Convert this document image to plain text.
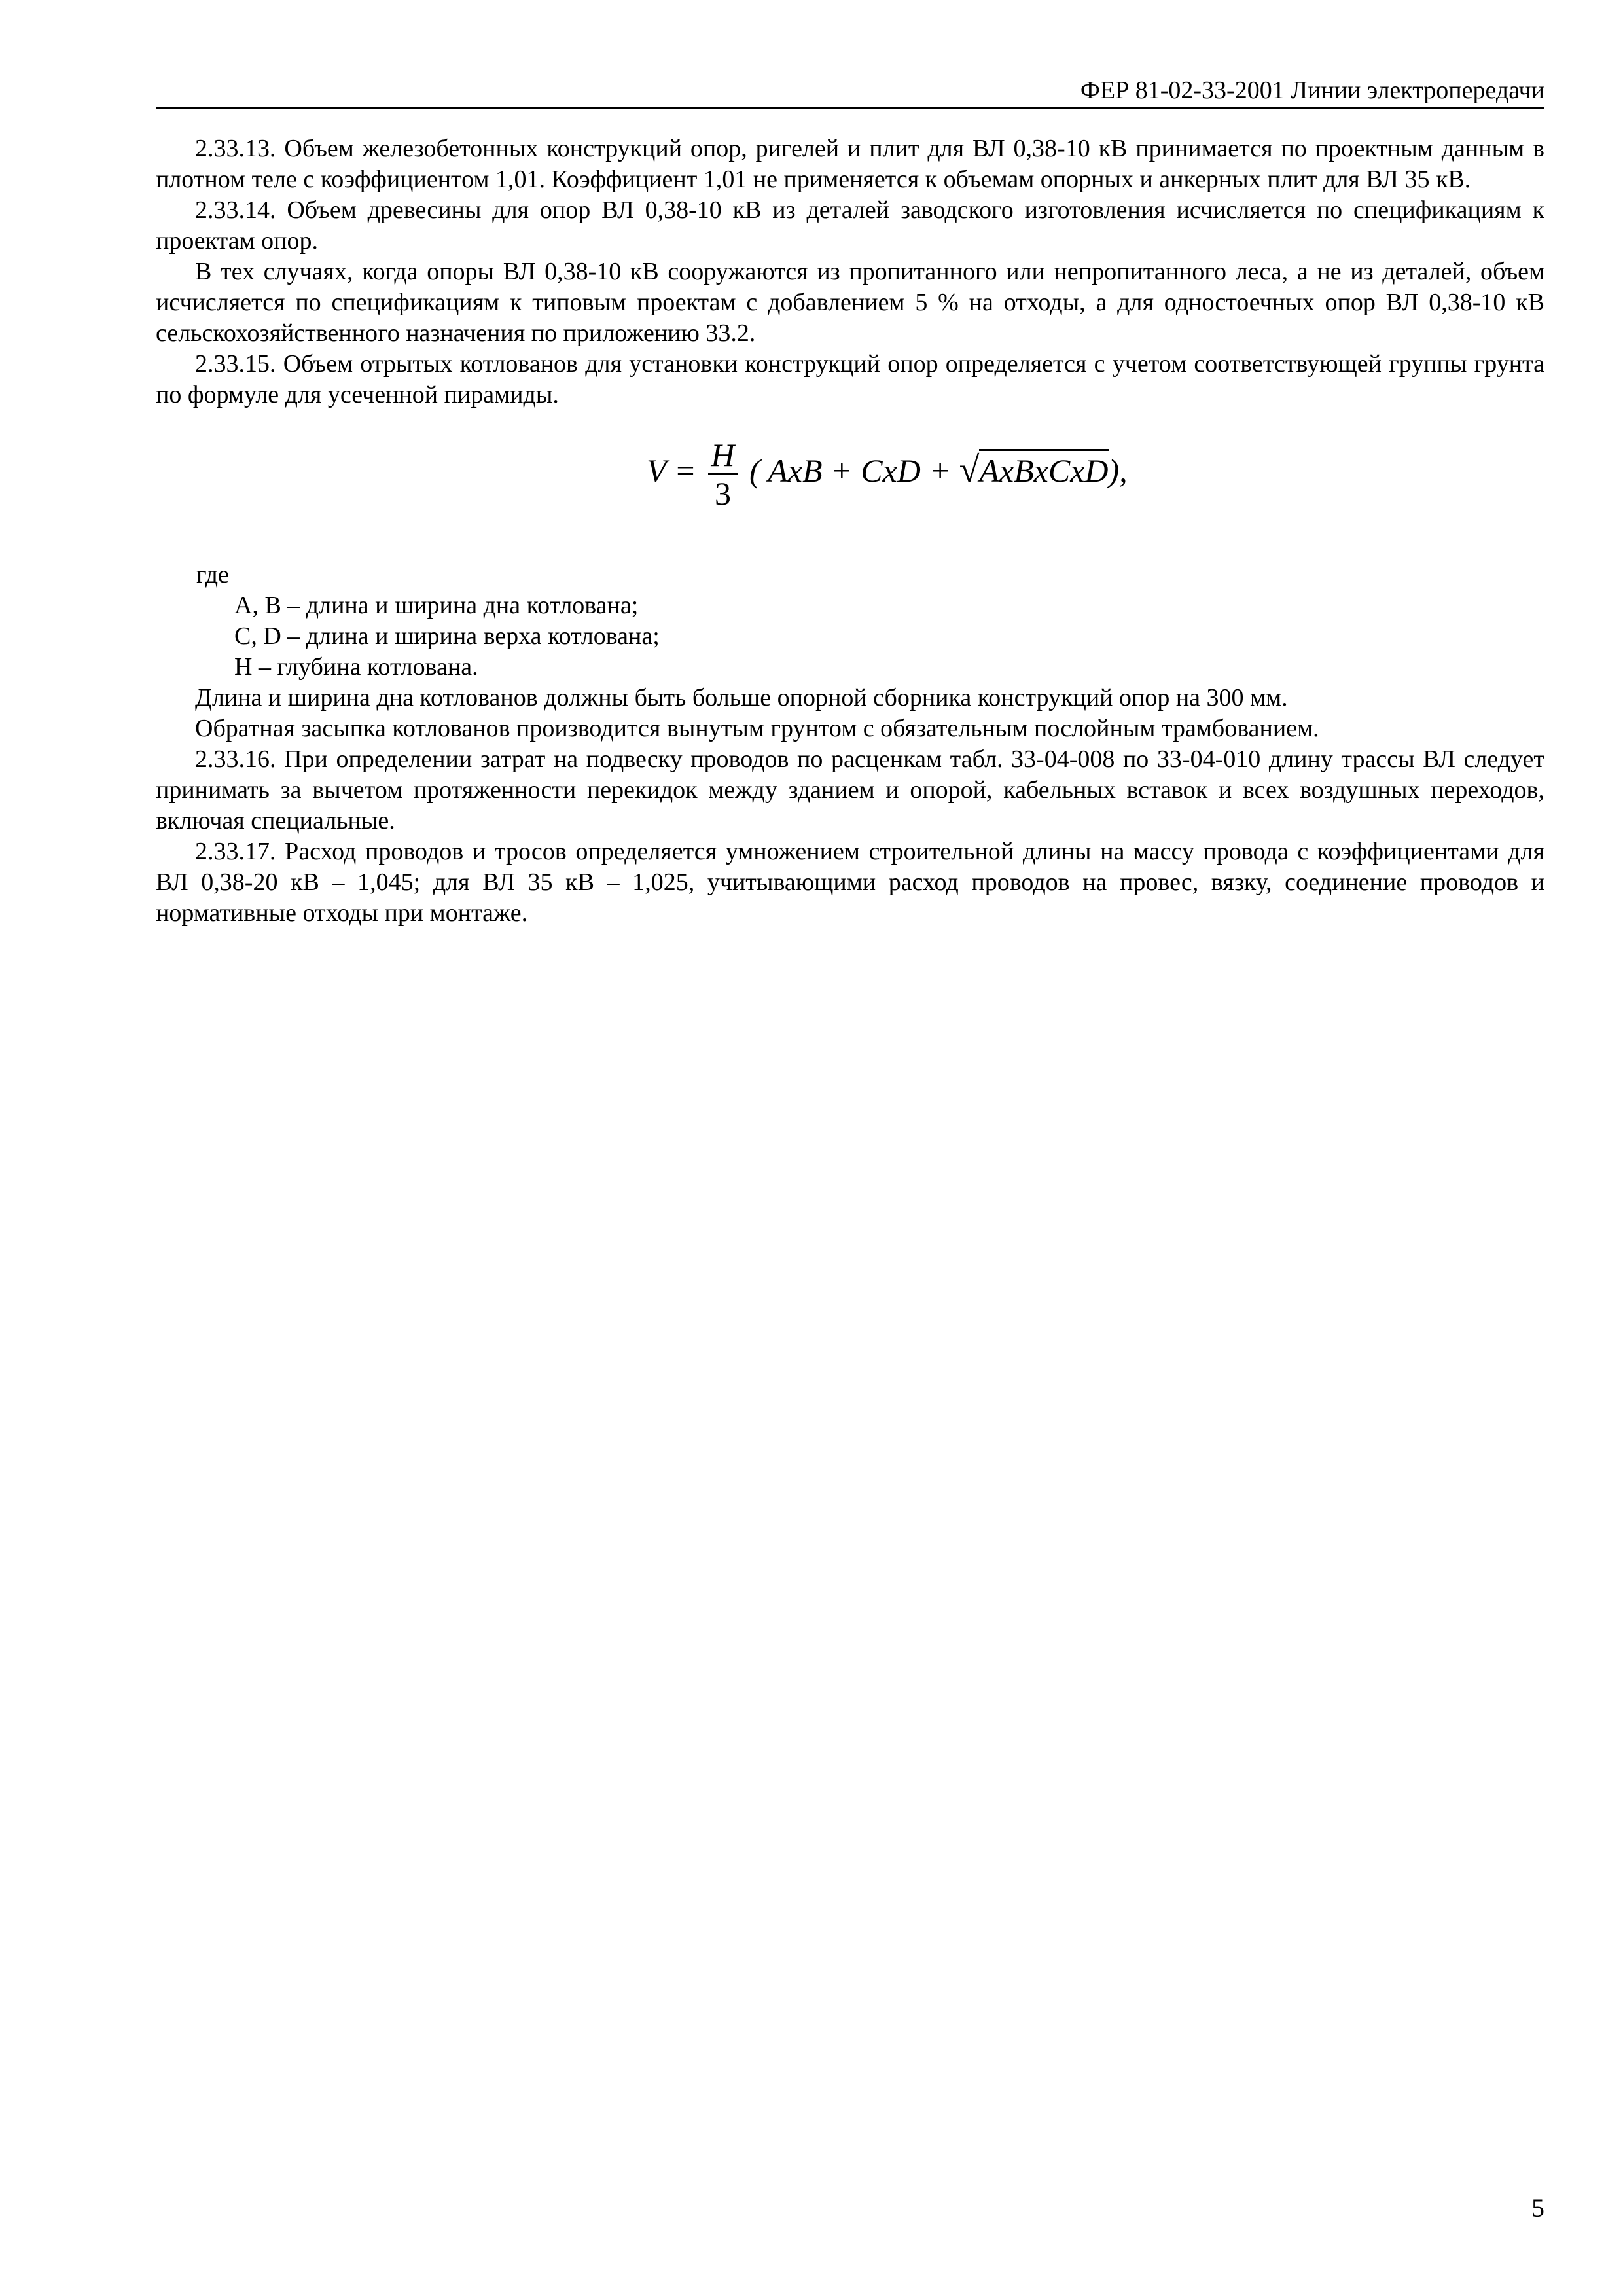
ФЕР 81-02-33-2001 Линии электропередачи

2.33.13. Объем железобетонных конструкций опор, ригелей и плит для ВЛ 0,38-10 кВ принимается по проектным данным в плотном теле с коэффициентом 1,01. Коэффициент 1,01 не применяется к объемам опорных и анкерных плит для ВЛ 35 кВ.

2.33.14. Объем древесины для опор ВЛ 0,38-10 кВ из деталей заводского изготовления исчисляется по спецификациям к проектам опор.

В тех случаях, когда опоры ВЛ 0,38-10 кВ сооружаются из пропитанного или непропитанного леса, а не из деталей, объем исчисляется по спецификациям к типовым проектам с добавлением 5 % на отходы, а для одностоечных опор ВЛ 0,38-10 кВ сельскохозяйственного назначения по приложению 33.2.

2.33.15. Объем отрытых котлованов для установки конструкций опор определяется с учетом соответствующей группы грунта по формуле для усеченной пирамиды.

$V = \frac{H}{3}$ ( AxB + CxD + √AxBxCxD),
где
A, B – длина и ширина дна котлована;
C, D – длина и ширина верха котлована;
H – глубина котлована.

Длина и ширина дна котлованов должны быть больше опорной сборника конструкций опор на 300 мм.

Обратная засыпка котлованов производится вынутым грунтом с обязательным послойным трамбованием.

2.33.16. При определении затрат на подвеску проводов по расценкам табл. 33-04-008 по 33-04-010 длину трассы ВЛ следует принимать за вычетом протяженности перекидок между зданием и опорой, кабельных вставок и всех воздушных переходов, включая специальные.

2.33.17. Расход проводов и тросов определяется умножением строительной длины на массу провода с коэффициентами для ВЛ 0,38-20 кВ – 1,045; для ВЛ 35 кВ – 1,025, учитывающими расход проводов на провес, вязку, соединение проводов и нормативные отходы при монтаже.

5
